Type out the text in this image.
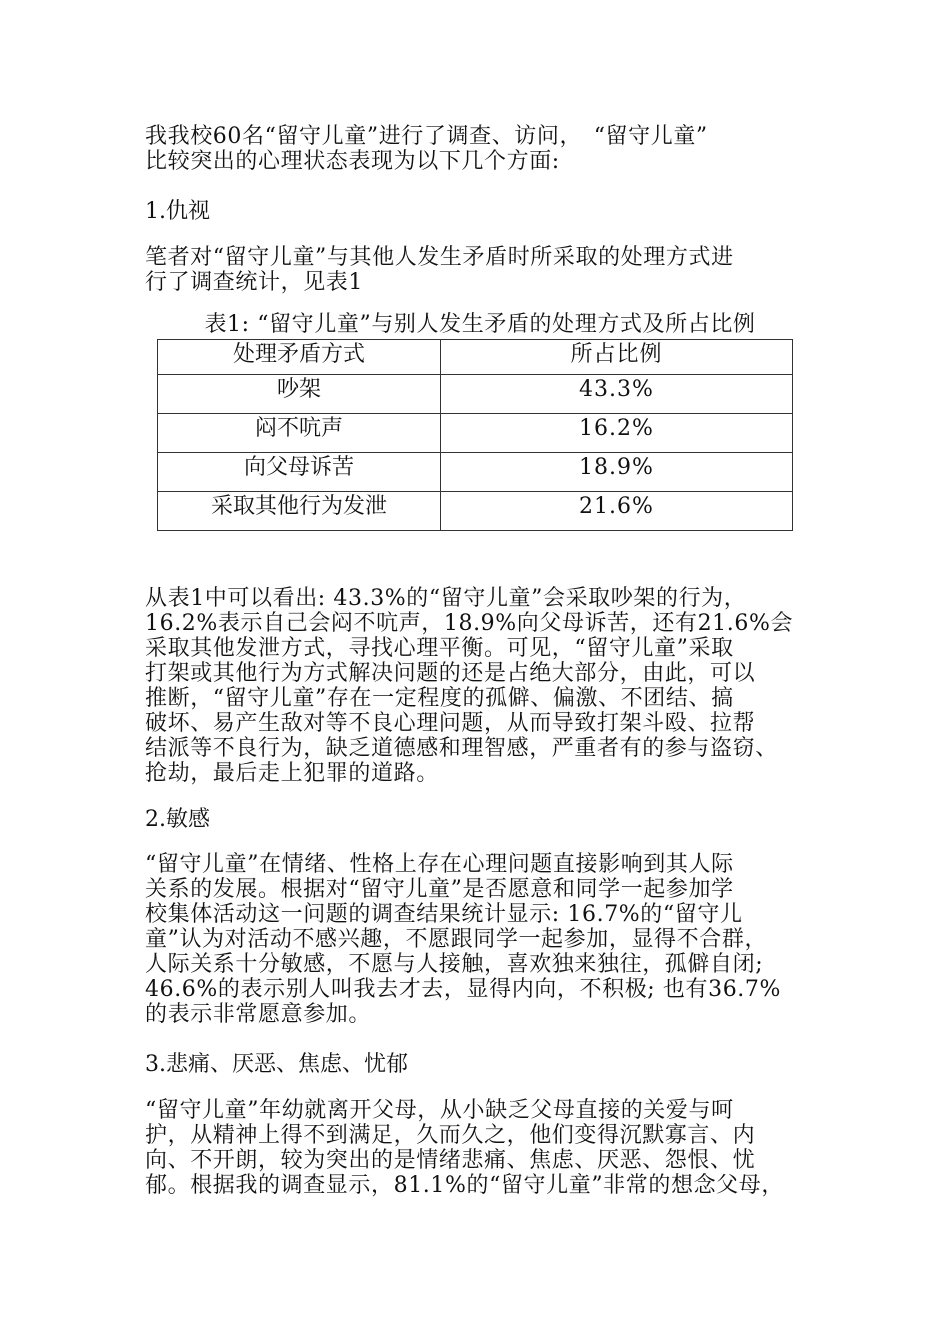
我我校60名“留守儿童”进行了调查、访问，　“留守儿童”
比较突出的心理状态表现为以下几个方面:

1.仇视

笔者对“留守儿童”与其他人发生矛盾时所采取的处理方式进
行了调查统计，见表1

表1: “留守儿童”与别人发生矛盾的处理方式及所占比例

处理矛盾方式	所占比例
吵架	43.3%
闷不吭声	16.2%
向父母诉苦	18.9%
采取其他行为发泄	21.6%

从表1中可以看出: 43.3%的“留守儿童”会采取吵架的行为，
16.2%表示自己会闷不吭声，18.9%向父母诉苦，还有21.6%会
采取其他发泄方式，寻找心理平衡。可见，“留守儿童”采取
打架或其他行为方式解决问题的还是占绝大部分，由此，可以
推断，“留守儿童”存在一定程度的孤僻、偏激、不团结、搞
破坏、易产生敌对等不良心理问题，从而导致打架斗殴、拉帮
结派等不良行为，缺乏道德感和理智感，严重者有的参与盗窃、
抢劫，最后走上犯罪的道路。

2.敏感

“留守儿童”在情绪、性格上存在心理问题直接影响到其人际
关系的发展。根据对“留守儿童”是否愿意和同学一起参加学
校集体活动这一问题的调查结果统计显示: 16.7%的“留守儿
童”认为对活动不感兴趣，不愿跟同学一起参加，显得不合群，
人际关系十分敏感，不愿与人接触，喜欢独来独往，孤僻自闭;
46.6%的表示别人叫我去才去，显得内向，不积极; 也有36.7%
的表示非常愿意参加。

3.悲痛、厌恶、焦虑、忧郁

“留守儿童”年幼就离开父母，从小缺乏父母直接的关爱与呵
护，从精神上得不到满足，久而久之，他们变得沉默寡言、内
向、不开朗，较为突出的是情绪悲痛、焦虑、厌恶、怨恨、忧
郁。根据我的调查显示，81.1%的“留守儿童”非常的想念父母，
